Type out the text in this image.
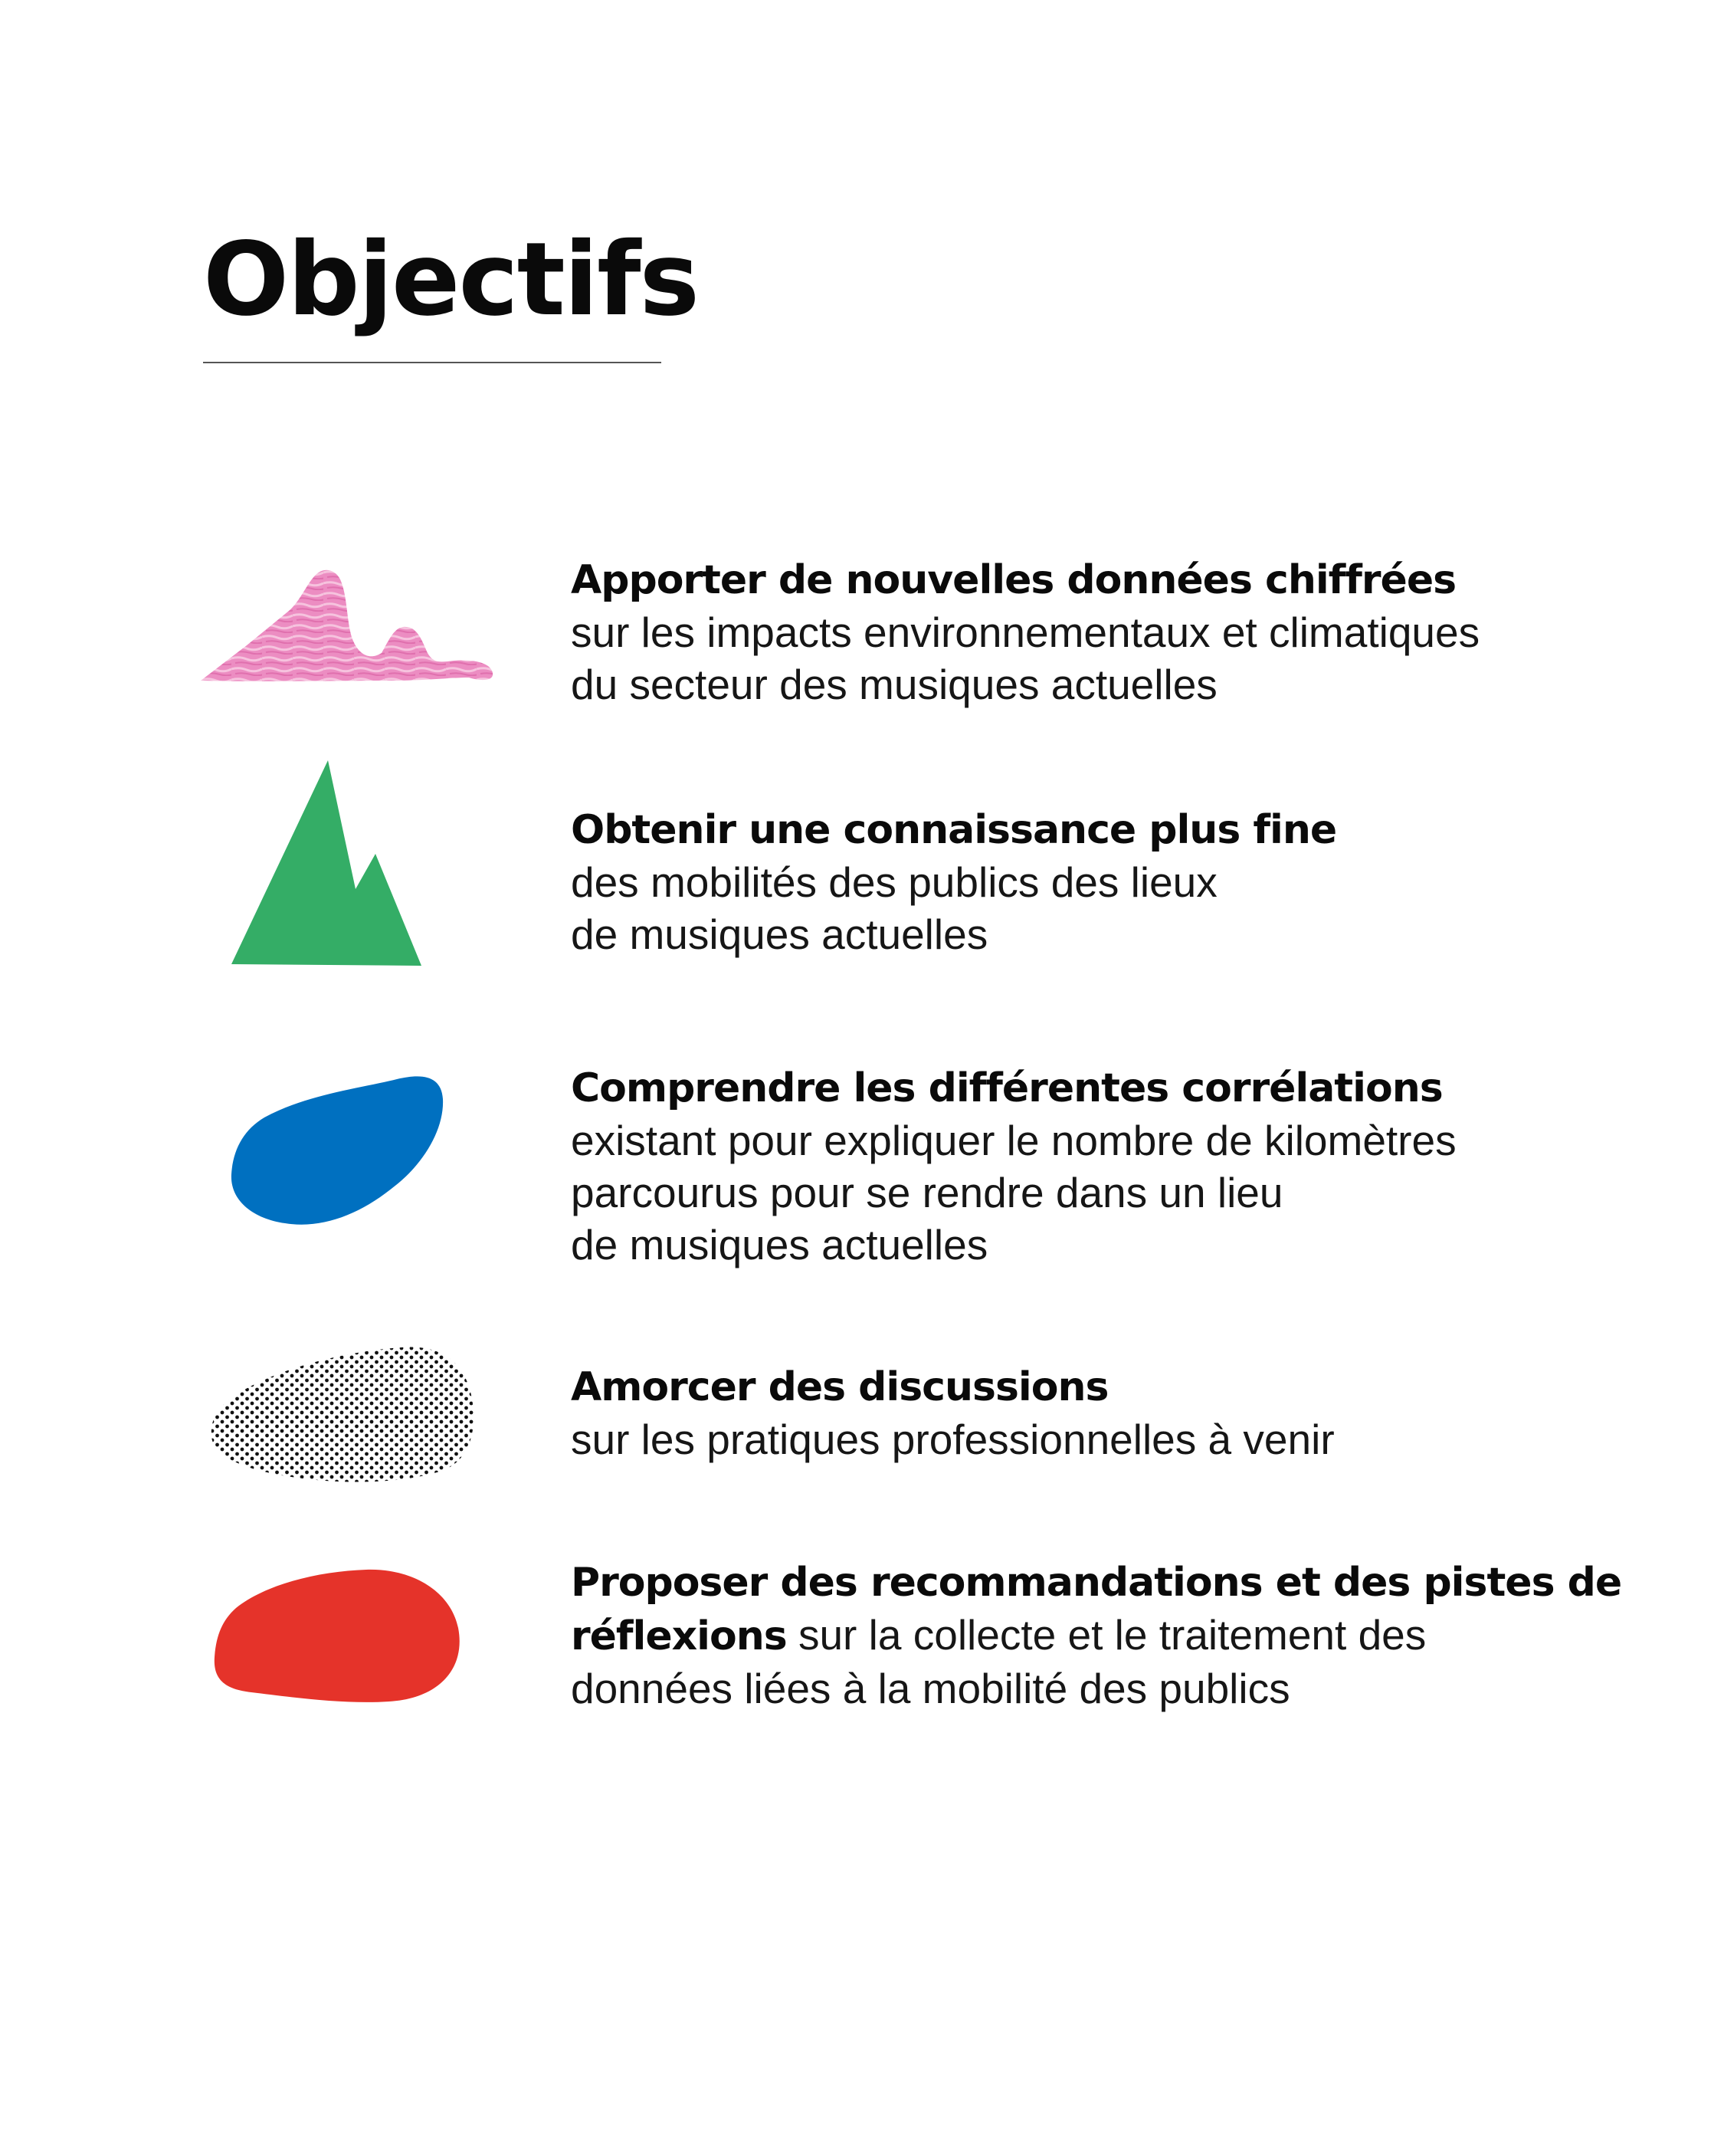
Objectifs

Apporter de nouvelles données chiffrées
sur les impacts environnementaux et climatiques
du secteur des musiques actuelles

Obtenir une connaissance plus fine
des mobilités des publics des lieux
de musiques actuelles

Comprendre les différentes corrélations
existant pour expliquer le nombre de kilomètres
parcourus pour se rendre dans un lieu
de musiques actuelles

Amorcer des discussions
sur les pratiques professionnelles à venir

Proposer des recommandations et des pistes de
réflexions sur la collecte et le traitement des
données liées à la mobilité des publics
